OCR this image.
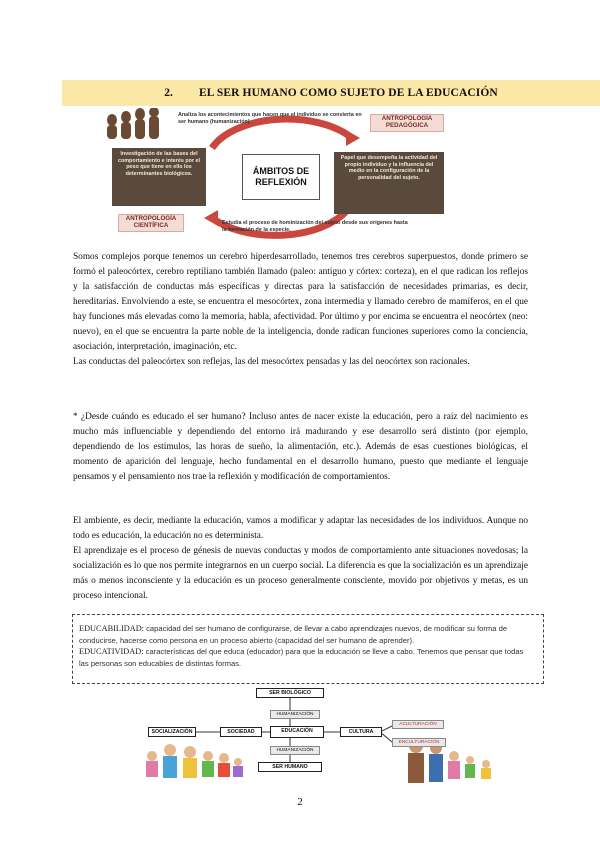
2. EL SER HUMANO COMO SUJETO DE LA EDUCACIÓN
Analiza los acontecimientos que hacen que el individuo se convierta en ser humano (humanización).	ANTROPOLOGÍA PEDAGÓGICA
Investigación de las bases del comportamiento e interés por el peso que tiene en ello los determinantes biológicos.	ÁMBITOS DE REFLEXIÓN
Papel que desempeña la actividad del propio individuo y la influencia del medio en la configuración de la personalidad del sujeto.
ANTROPOLOGÍA CIENTÍFICA	Estudia el proceso de hominización del sujeto desde sus orígenes hasta la formación de la especie.

Somos complejos porque tenemos un cerebro hiperdesarrollado, tenemos tres cerebros superpuestos, donde primero se formó el paleocórtex, cerebro reptiliano también llamado (paleo: antiguo y córtex: corteza), en el que radican los reflejos y la satisfacción de conductas más específicas y directas para la satisfacción de necesidades primarias, es decir, hereditarias. Envolviendo a este, se encuentra el mesocórtex, zona intermedia y llamado cerebro de mamíferos, en el que hay funciones más elevadas como la memoria, habla, afectividad. Por último y por encima se encuentra el neocórtex (neo: nuevo), en el que se encuentra la parte noble de la inteligencia, donde radican funciones superiores como la conciencia, asociación, interpretación, imaginación, etc.

Las conductas del paleocórtex son reflejas, las del mesocórtex pensadas y las del neocórtex son racionales.

* ¿Desde cuándo es educado el ser humano? Incluso antes de nacer existe la educación, pero a raíz del nacimiento es mucho más influenciable y dependiendo del entorno irá madurando y ese desarrollo será distinto (por ejemplo, dependiendo de los estímulos, las horas de sueño, la alimentación, etc.). Además de esas cuestiones biológicas, el momento de aparición del lenguaje, hecho fundamental en el desarrollo humano, puesto que mediante el lenguaje pensamos y el pensamiento nos trae la reflexión y modificación de comportamientos.

El ambiente, es decir, mediante la educación, vamos a modificar y adaptar las necesidades de los individuos. Aunque no todo es educación, la educación no es determinista.

El aprendizaje es el proceso de génesis de nuevas conductas y modos de comportamiento ante situaciones novedosas; la socialización es lo que nos permite integrarnos en un cuerpo social. La diferencia es que la socialización es un aprendizaje más o menos inconsciente y la educación es un proceso generalmente consciente, movido por objetivos y metas, es un proceso intencional.

EDUCABILIDAD: capacidad del ser humano de configurarse, de llevar a cabo aprendizajes nuevos, de modificar su forma de conducirse, hacerse como persona en un proceso abierto (capacidad del ser humano de aprender).
EDUCATIVIDAD: características del que educa (educador) para que la educación se lleve a cabo. Tenemos que pensar que todas las personas son educables de distintas formas.
SER BIOLÓGICO
HUMANIZACIÓN
SOCIALIZACIÓN	SOCIEDAD	EDUCACIÓN	CULTURA
ACULTURACIÓN
ENCULTURACIÓN
HUMANIZACIÓN
SER HUMANO
2
